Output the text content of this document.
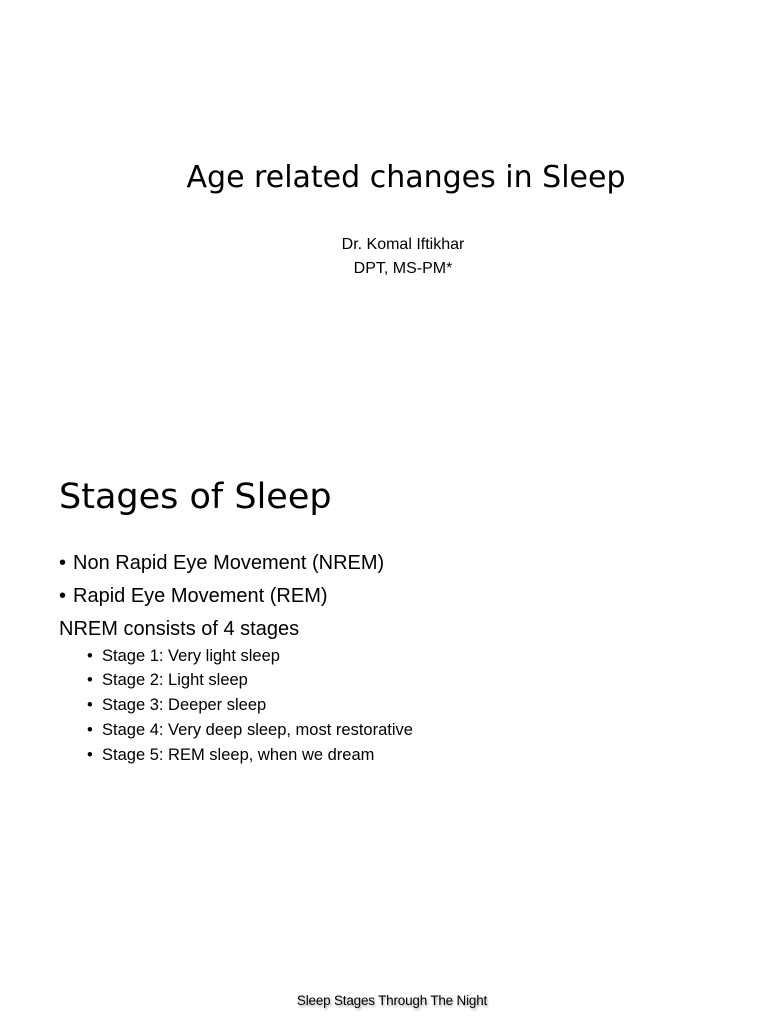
Age related changes in Sleep
Dr. Komal Iftikhar
DPT, MS-PM*
Stages of Sleep
• Non Rapid Eye Movement (NREM)
• Rapid Eye Movement (REM)
NREM consists of 4 stages
• Stage 1: Very light sleep
• Stage 2: Light sleep
• Stage 3: Deeper sleep
• Stage 4: Very deep sleep, most restorative
• Stage 5: REM sleep, when we dream
Sleep Stages Through The Night
